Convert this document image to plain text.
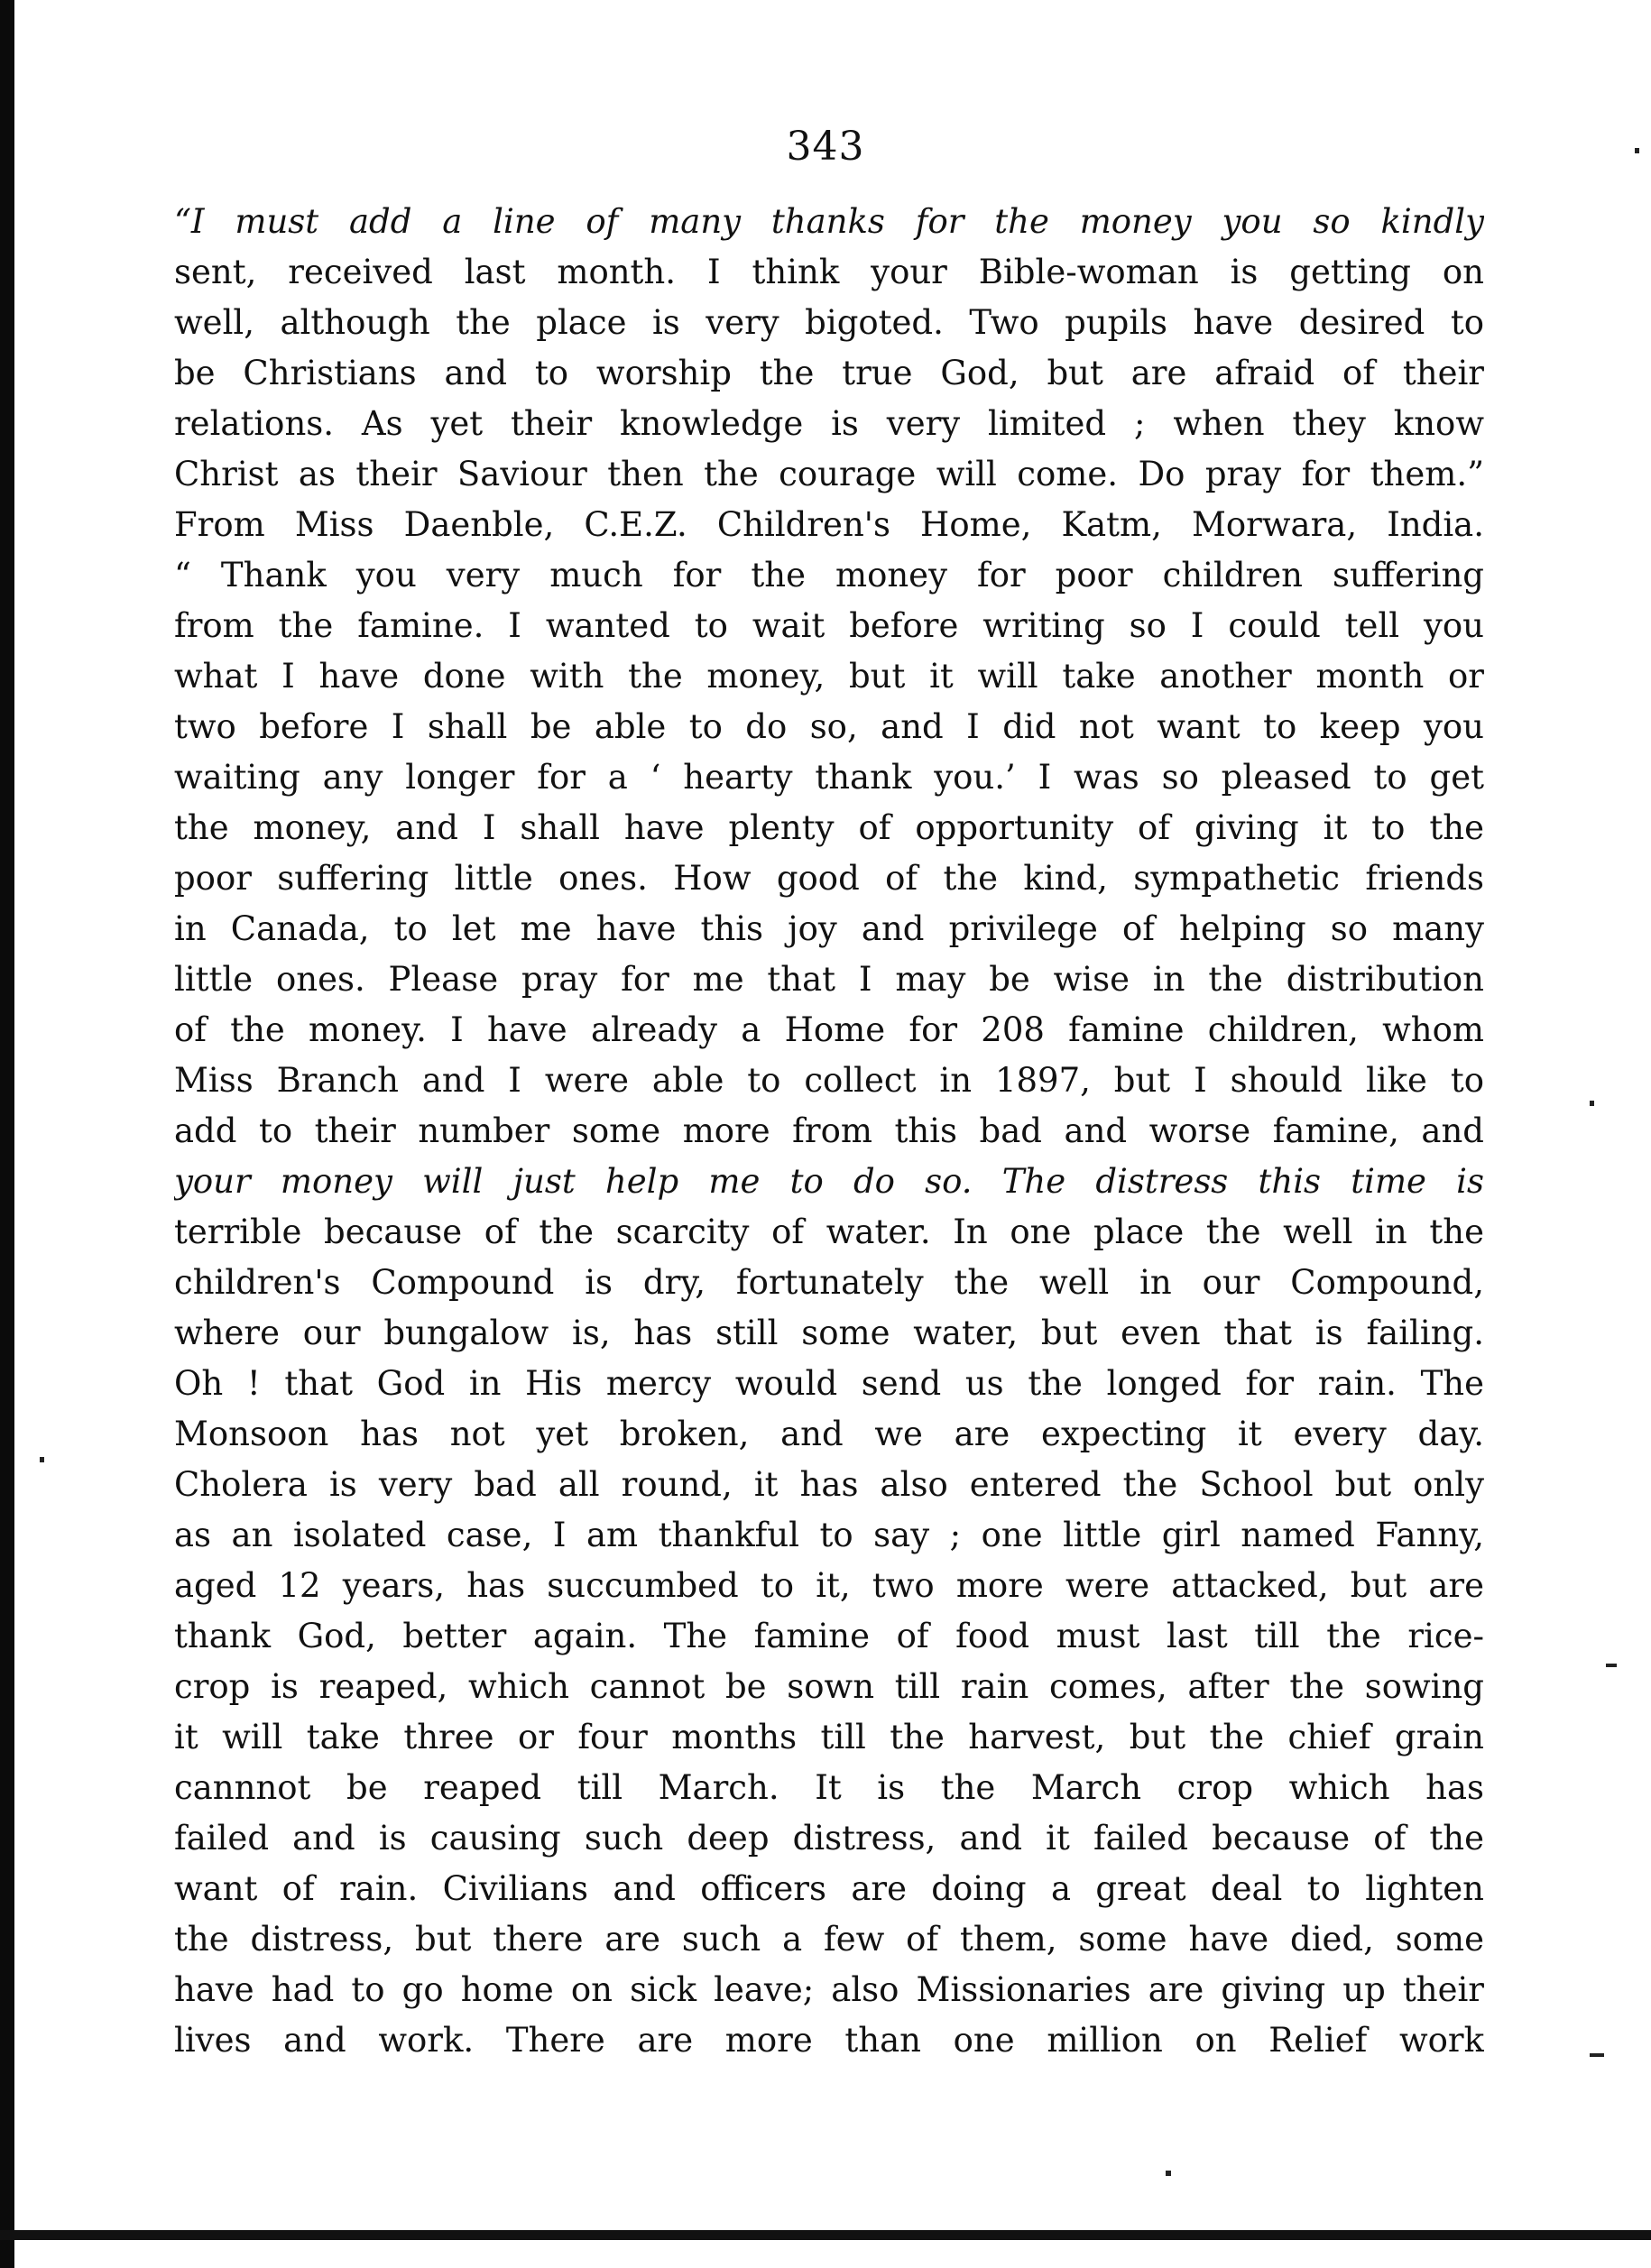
343
“I must add a line of many thanks for the money you so kindly
sent, received last month. I think your Bible-woman is getting on
well, although the place is very bigoted. Two pupils have desired to
be Christians and to worship the true God, but are afraid of their
relations. As yet their knowledge is very limited ; when they know
Christ as their Saviour then the courage will come. Do pray for them.”
From Miss Daenble, C.E.Z. Children's Home, Katm, Morwara, India.
“ Thank you very much for the money for poor children suffering
from the famine. I wanted to wait before writing so I could tell you
what I have done with the money, but it will take another month or
two before I shall be able to do so, and I did not want to keep you
waiting any longer for a ‘ hearty thank you.’ I was so pleased to get
the money, and I shall have plenty of opportunity of giving it to the
poor suffering little ones. How good of the kind, sympathetic friends
in Canada, to let me have this joy and privilege of helping so many
little ones. Please pray for me that I may be wise in the distribution
of the money. I have already a Home for 208 famine children, whom
Miss Branch and I were able to collect in 1897, but I should like to
add to their number some more from this bad and worse famine, and
your money will just help me to do so. The distress this time is
terrible because of the scarcity of water. In one place the well in the
children's Compound is dry, fortunately the well in our Compound,
where our bungalow is, has still some water, but even that is failing.
Oh ! that God in His mercy would send us the longed for rain. The
Monsoon has not yet broken, and we are expecting it every day.
Cholera is very bad all round, it has also entered the School but only
as an isolated case, I am thankful to say ; one little girl named Fanny,
aged 12 years, has succumbed to it, two more were attacked, but are
thank God, better again. The famine of food must last till the rice-
crop is reaped, which cannot be sown till rain comes, after the sowing
it will take three or four months till the harvest, but the chief grain
cannnot be reaped till March. It is the March crop which has
failed and is causing such deep distress, and it failed because of the
want of rain. Civilians and officers are doing a great deal to lighten
the distress, but there are such a few of them, some have died, some
have had to go home on sick leave; also Missionaries are giving up their
lives and work. There are more than one million on Relief work
